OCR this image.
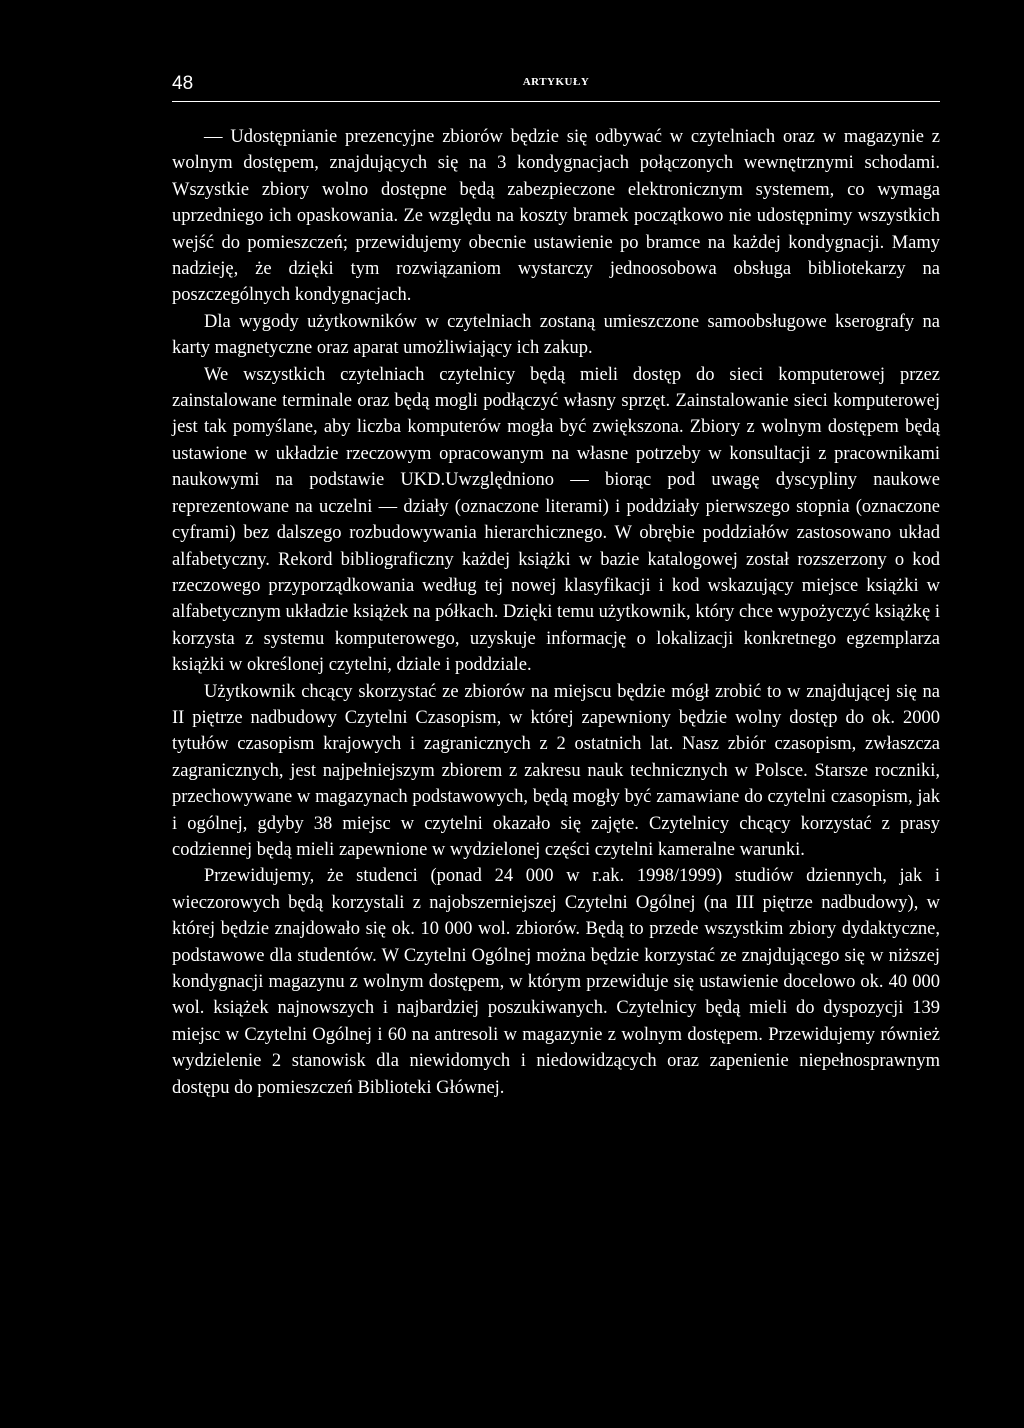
48	ARTYKUŁY

— Udostępnianie prezencyjne zbiorów będzie się odbywać w czytelniach oraz w magazynie z wolnym dostępem, znajdujących się na 3 kondygnacjach połączonych wewnętrznymi schodami. Wszystkie zbiory wolno dostępne będą zabezpieczone elektronicznym systemem, co wymaga uprzedniego ich opaskowania. Ze względu na koszty bramek początkowo nie udostępnimy wszystkich wejść do pomieszczeń; przewidujemy obecnie ustawienie po bramce na każdej kondygnacji. Mamy nadzieję, że dzięki tym rozwiązaniom wystarczy jednoosobowa obsługa bibliotekarzy na poszczególnych kondygnacjach.

Dla wygody użytkowników w czytelniach zostaną umieszczone samoobsługowe kserografy na karty magnetyczne oraz aparat umożliwiający ich zakup.

We wszystkich czytelniach czytelnicy będą mieli dostęp do sieci komputerowej przez zainstalowane terminale oraz będą mogli podłączyć własny sprzęt. Zainstalowanie sieci komputerowej jest tak pomyślane, aby liczba komputerów mogła być zwiększona. Zbiory z wolnym dostępem będą ustawione w układzie rzeczowym opracowanym na własne potrzeby w konsultacji z pracownikami naukowymi na podstawie UKD.Uwzględniono — biorąc pod uwagę dyscypliny naukowe reprezentowane na uczelni — działy (oznaczone literami) i poddziały pierwszego stopnia (oznaczone cyframi) bez dalszego rozbudowywania hierarchicznego. W obrębie poddziałów zastosowano układ alfabetyczny. Rekord bibliograficzny każdej książki w bazie katalogowej został rozszerzony o kod rzeczowego przyporządkowania według tej nowej klasyfikacji i kod wskazujący miejsce książki w alfabetycznym układzie książek na półkach. Dzięki temu użytkownik, który chce wypożyczyć książkę i korzysta z systemu komputerowego, uzyskuje informację o lokalizacji konkretnego egzemplarza książki w określonej czytelni, dziale i poddziale.

Użytkownik chcący skorzystać ze zbiorów na miejscu będzie mógł zrobić to w znajdującej się na II piętrze nadbudowy Czytelni Czasopism, w której zapewniony będzie wolny dostęp do ok. 2000 tytułów czasopism krajowych i zagranicznych z 2 ostatnich lat. Nasz zbiór czasopism, zwłaszcza zagranicznych, jest najpełniejszym zbiorem z zakresu nauk technicznych w Polsce. Starsze roczniki, przechowywane w magazynach podstawowych, będą mogły być zamawiane do czytelni czasopism, jak i ogólnej, gdyby 38 miejsc w czytelni okazało się zajęte. Czytelnicy chcący korzystać z prasy codziennej będą mieli zapewnione w wydzielonej części czytelni kameralne warunki.

Przewidujemy, że studenci (ponad 24 000 w r.ak. 1998/1999) studiów dziennych, jak i wieczorowych będą korzystali z najobszerniejszej Czytelni Ogólnej (na III piętrze nadbudowy), w której będzie znajdowało się ok. 10 000 wol. zbiorów. Będą to przede wszystkim zbiory dydaktyczne, podstawowe dla studentów. W Czytelni Ogólnej można będzie korzystać ze znajdującego się w niższej kondygnacji magazynu z wolnym dostępem, w którym przewiduje się ustawienie docelowo ok. 40 000 wol. książek najnowszych i najbardziej poszukiwanych. Czytelnicy będą mieli do dyspozycji 139 miejsc w Czytelni Ogólnej i 60 na antresoli w magazynie z wolnym dostępem. Przewidujemy również wydzielenie 2 stanowisk dla niewidomych i niedowidzących oraz zapenienie niepełnosprawnym dostępu do pomieszczeń Biblioteki Głównej.
